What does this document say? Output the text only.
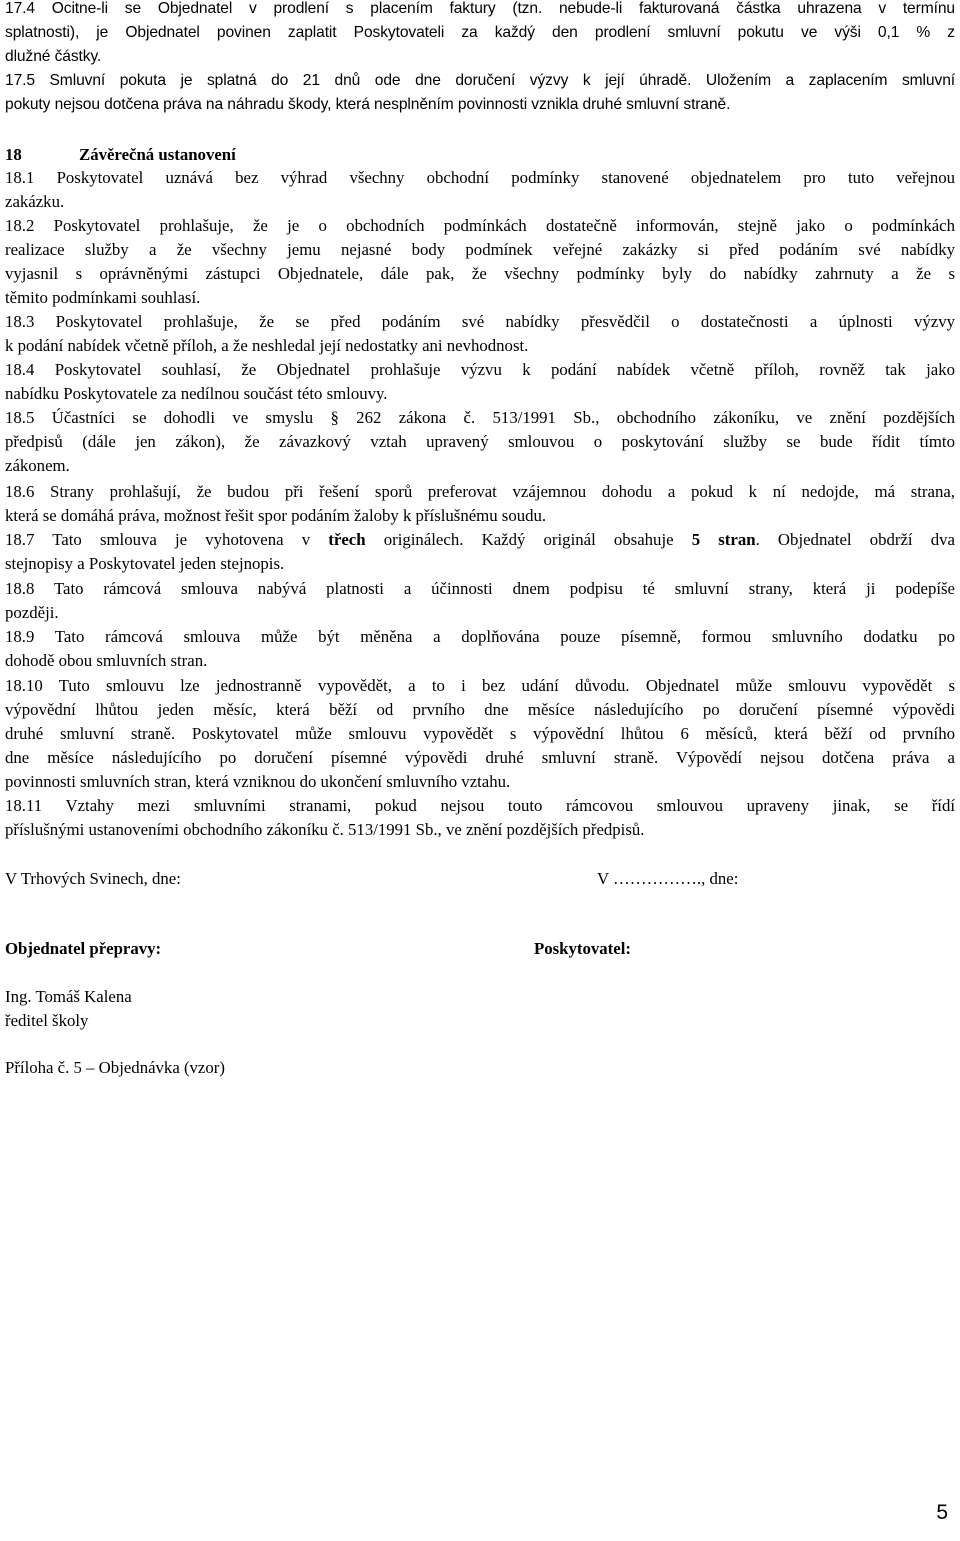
17.4 Ocitne-li se Objednatel v prodlení s placením faktury (tzn. nebude-li fakturovaná částka uhrazena v termínu
splatnosti), je Objednatel povinen zaplatit Poskytovateli za každý den prodlení smluvní pokutu ve výši 0,1 % z
dlužné částky.
17.5 Smluvní pokuta je splatná do 21 dnů ode dne doručení výzvy k její úhradě. Uložením a zaplacením smluvní
pokuty nejsou dotčena práva na náhradu škody, která nesplněním povinnosti vznikla druhé smluvní straně.
18	Závěrečná ustanovení
18.1 Poskytovatel uznává bez výhrad všechny obchodní podmínky stanovené objednatelem pro tuto veřejnou
zakázku.
18.2 Poskytovatel prohlašuje, že je o obchodních podmínkách dostatečně informován, stejně jako o podmínkách
realizace služby a že všechny jemu nejasné body podmínek veřejné zakázky si před podáním své nabídky
vyjasnil s oprávněnými zástupci Objednatele, dále pak, že všechny podmínky byly do nabídky zahrnuty a že s
těmito podmínkami souhlasí.
18.3 Poskytovatel prohlašuje, že se před podáním své nabídky přesvědčil o dostatečnosti a úplnosti výzvy
k podání nabídek včetně příloh, a že neshledal její nedostatky ani nevhodnost.
18.4 Poskytovatel souhlasí, že Objednatel prohlašuje výzvu k podání nabídek včetně příloh, rovněž tak jako
nabídku Poskytovatele za nedílnou součást této smlouvy.
18.5 Účastníci se dohodli ve smyslu § 262 zákona č. 513/1991 Sb., obchodního zákoníku, ve znění pozdějších
předpisů (dále jen zákon), že závazkový vztah upravený smlouvou o poskytování služby se bude řídit tímto
zákonem.
18.6 Strany prohlašují, že budou při řešení sporů preferovat vzájemnou dohodu a pokud k ní nedojde, má strana,
která se domáhá práva, možnost řešit spor podáním žaloby k příslušnému soudu.
18.7 Tato smlouva je vyhotovena v třech originálech. Každý originál obsahuje 5 stran. Objednatel obdrží dva
stejnopisy a Poskytovatel jeden stejnopis.
18.8 Tato rámcová smlouva nabývá platnosti a účinnosti dnem podpisu té smluvní strany, která ji podepíše
později.
18.9 Tato rámcová smlouva může být měněna a doplňována pouze písemně, formou smluvního dodatku po
dohodě obou smluvních stran.
18.10 Tuto smlouvu lze jednostranně vypovědět, a to i bez udání důvodu. Objednatel může smlouvu vypovědět s
výpovědní lhůtou jeden měsíc, která běží od prvního dne měsíce následujícího po doručení písemné výpovědi
druhé smluvní straně. Poskytovatel může smlouvu vypovědět s výpovědní lhůtou 6 měsíců, která běží od prvního
dne měsíce následujícího po doručení písemné výpovědi druhé smluvní straně. Výpovědí nejsou dotčena práva a
povinnosti smluvních stran, která vzniknou do ukončení smluvního vztahu.
18.11 Vztahy mezi smluvními stranami, pokud nejsou touto rámcovou smlouvou upraveny jinak, se řídí
příslušnými ustanoveními obchodního zákoníku č. 513/1991 Sb., ve znění pozdějších předpisů.
V Trhových Svinech, dne:	V ……………., dne:
Objednatel přepravy:	Poskytovatel:
Ing. Tomáš Kalena
ředitel školy
Příloha č. 5 – Objednávka (vzor)
5
